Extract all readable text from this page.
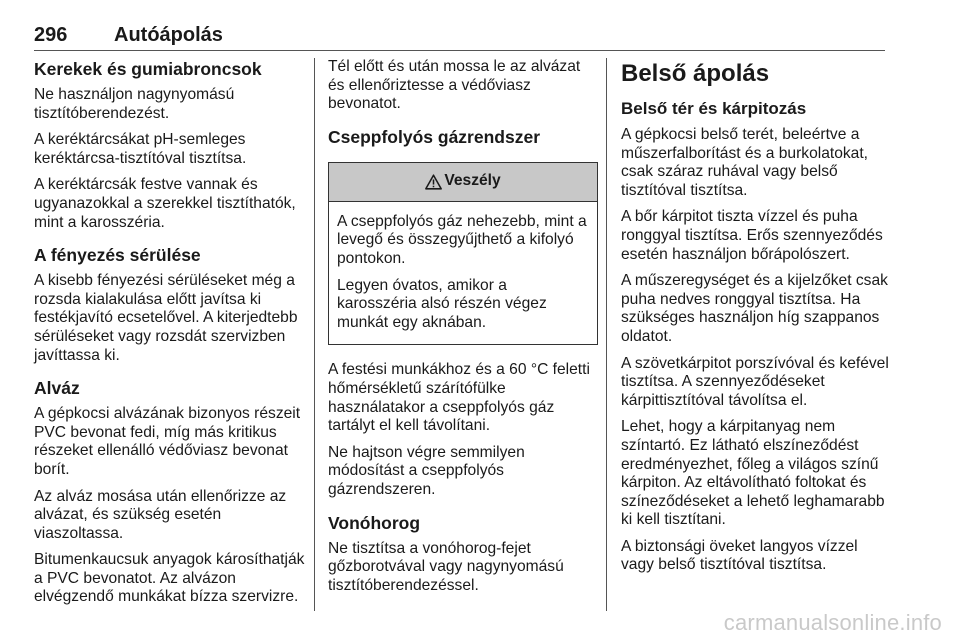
296	Autóápolás
Kerekek és gumiabroncsok

Ne használjon nagynyomású tisztítóberendezést.

A keréktárcsákat pH-semleges keréktárcsa-tisztítóval tisztítsa.

A keréktárcsák festve vannak és ugyanazokkal a szerekkel tisztíthatók, mint a karosszéria.

A fényezés sérülése

A kisebb fényezési sérüléseket még a rozsda kialakulása előtt javítsa ki festékjavító ecsetelővel. A kiterjedtebb sérüléseket vagy rozsdát szervizben javíttassa ki.

Alváz

A gépkocsi alvázának bizonyos részeit PVC bevonat fedi, míg más kritikus részeket ellenálló védőviasz bevonat borít.

Az alváz mosása után ellenőrizze az alvázat, és szükség esetén viaszoltassa.

Bitumenkaucsuk anyagok károsíthatják a PVC bevonatot. Az alvázon elvégzendő munkákat bízza szervizre.

Tél előtt és után mossa le az alvázat és ellenőriztesse a védőviasz bevonatot.

Cseppfolyós gázrendszer
Veszély

A cseppfolyós gáz nehezebb, mint a levegő és összegyűjthető a kifolyó pontokon.

Legyen óvatos, amikor a karosszéria alsó részén végez munkát egy aknában.

A festési munkákhoz és a 60 °C feletti hőmérsékletű szárítófülke használatakor a cseppfolyós gáz tartályt el kell távolítani.

Ne hajtson végre semmilyen módosítást a cseppfolyós gázrendszeren.

Vonóhorog

Ne tisztítsa a vonóhorog-fejet gőzborotvával vagy nagynyomású tisztítóberendezéssel.

Belső ápolás
Belső tér és kárpitozás

A gépkocsi belső terét, beleértve a műszerfalborítást és a burkolatokat, csak száraz ruhával vagy belső tisztítóval tisztítsa.

A bőr kárpitot tiszta vízzel és puha ronggyal tisztítsa. Erős szennyeződés esetén használjon bőrápolószert.

A műszeregységet és a kijelzőket csak puha nedves ronggyal tisztítsa. Ha szükséges használjon híg szappanos oldatot.

A szövetkárpitot porszívóval és kefével tisztítsa. A szennyeződéseket kárpittisztítóval távolítsa el.

Lehet, hogy a kárpitanyag nem színtartó. Ez látható elszíneződést eredményezhet, főleg a világos színű kárpiton. Az eltávolítható foltokat és színeződéseket a lehető leghamarabb ki kell tisztítani.

A biztonsági öveket langyos vízzel vagy belső tisztítóval tisztítsa.

carmanualsonline.info
